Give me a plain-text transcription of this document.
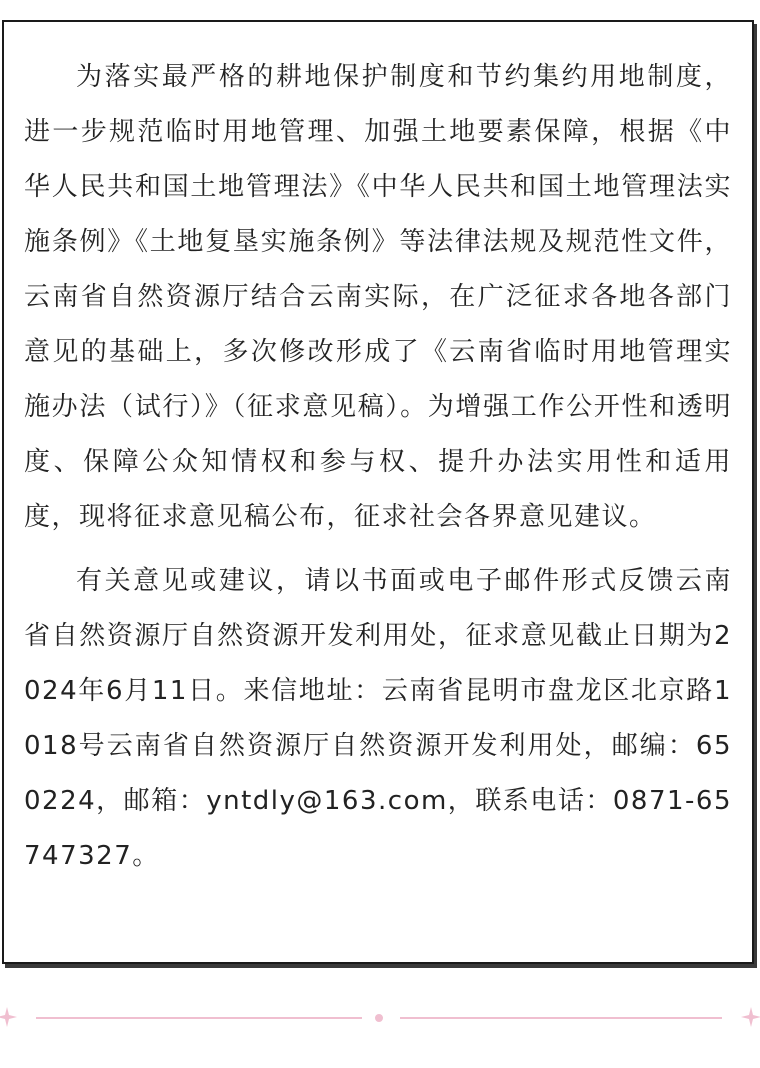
为落实最严格的耕地保护制度和节约集约用地制度，进一步规范临时用地管理、加强土地要素保障，根据《中华人民共和国土地管理法》《中华人民共和国土地管理法实施条例》《土地复垦实施条例》等法律法规及规范性文件，云南省自然资源厅结合云南实际，在广泛征求各地各部门意见的基础上，多次修改形成了《云南省临时用地管理实施办法（试行）》（征求意见稿）。为增强工作公开性和透明度、保障公众知情权和参与权、提升办法实用性和适用度，现将征求意见稿公布，征求社会各界意见建议。

有关意见或建议，请以书面或电子邮件形式反馈云南省自然资源厅自然资源开发利用处，征求意见截止日期为2024年6月11日。来信地址：云南省昆明市盘龙区北京路1018号云南省自然资源厅自然资源开发利用处，邮编：650224，邮箱：yntdly@163.com，联系电话：0871-65747327。
